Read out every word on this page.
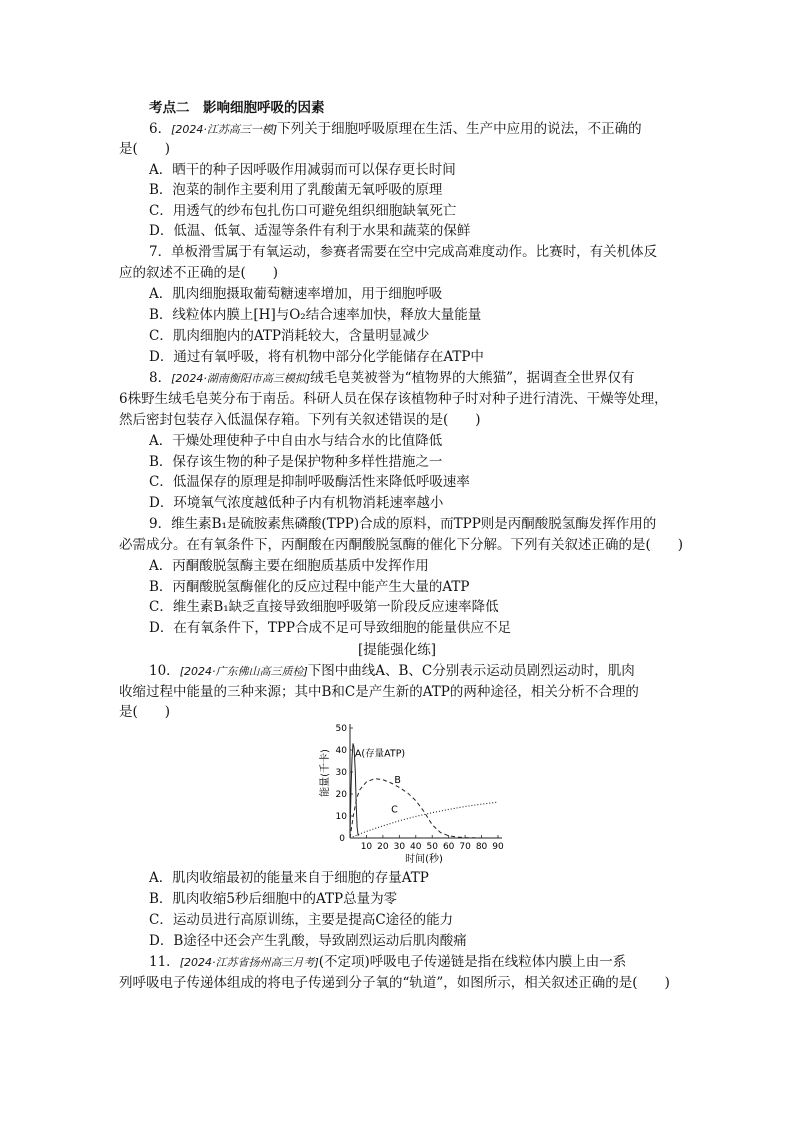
考点二　影响细胞呼吸的因素
6．[2024·江苏高三一模]下列关于细胞呼吸原理在生活、生产中应用的说法，不正确的
是(　　)
A．晒干的种子因呼吸作用减弱而可以保存更长时间
B．泡菜的制作主要利用了乳酸菌无氧呼吸的原理
C．用透气的纱布包扎伤口可避免组织细胞缺氧死亡
D．低温、低氧、适湿等条件有利于水果和蔬菜的保鲜
7．单板滑雪属于有氧运动，参赛者需要在空中完成高难度动作。比赛时，有关机体反
应的叙述不正确的是(　　)
A．肌肉细胞摄取葡萄糖速率增加，用于细胞呼吸
B．线粒体内膜上[H]与O₂结合速率加快，释放大量能量
C．肌肉细胞内的ATP消耗较大，含量明显减少
D．通过有氧呼吸，将有机物中部分化学能储存在ATP中
8．[2024·湖南衡阳市高三模拟]绒毛皂荚被誉为“植物界的大熊猫”，据调查全世界仅有
6株野生绒毛皂荚分布于南岳。科研人员在保存该植物种子时对种子进行清洗、干燥等处理，
然后密封包装存入低温保存箱。下列有关叙述错误的是(　　)
A．干燥处理使种子中自由水与结合水的比值降低
B．保存该生物的种子是保护物种多样性措施之一
C．低温保存的原理是抑制呼吸酶活性来降低呼吸速率
D．环境氧气浓度越低种子内有机物消耗速率越小
9．维生素B₁是硫胺素焦磷酸(TPP)合成的原料，而TPP则是丙酮酸脱氢酶发挥作用的
必需成分。在有氧条件下，丙酮酸在丙酮酸脱氢酶的催化下分解。下列有关叙述正确的是(　　)
A．丙酮酸脱氢酶主要在细胞质基质中发挥作用
B．丙酮酸脱氢酶催化的反应过程中能产生大量的ATP
C．维生素B₁缺乏直接导致细胞呼吸第一阶段反应速率降低
D．在有氧条件下，TPP合成不足可导致细胞的能量供应不足
[提能强化练]
10．[2024·广东佛山高三质检]下图中曲线A、B、C分别表示运动员剧烈运动时，肌肉
收缩过程中能量的三种来源；其中B和C是产生新的ATP的两种途径，相关分析不合理的
是(　　)
10
20
30
40
50
10 20 30 40 50 60 70 80 90
0
时间(秒)
能量(千卡)	A(存量ATP)
B
C
A．肌肉收缩最初的能量来自于细胞的存量ATP
B．肌肉收缩5秒后细胞中的ATP总量为零
C．运动员进行高原训练，主要是提高C途径的能力
D．B途径中还会产生乳酸，导致剧烈运动后肌肉酸痛
11．[2024·江苏省扬州高三月考](不定项)呼吸电子传递链是指在线粒体内膜上由一系
列呼吸电子传递体组成的将电子传递到分子氧的“轨道”，如图所示，相关叙述正确的是(　　)
